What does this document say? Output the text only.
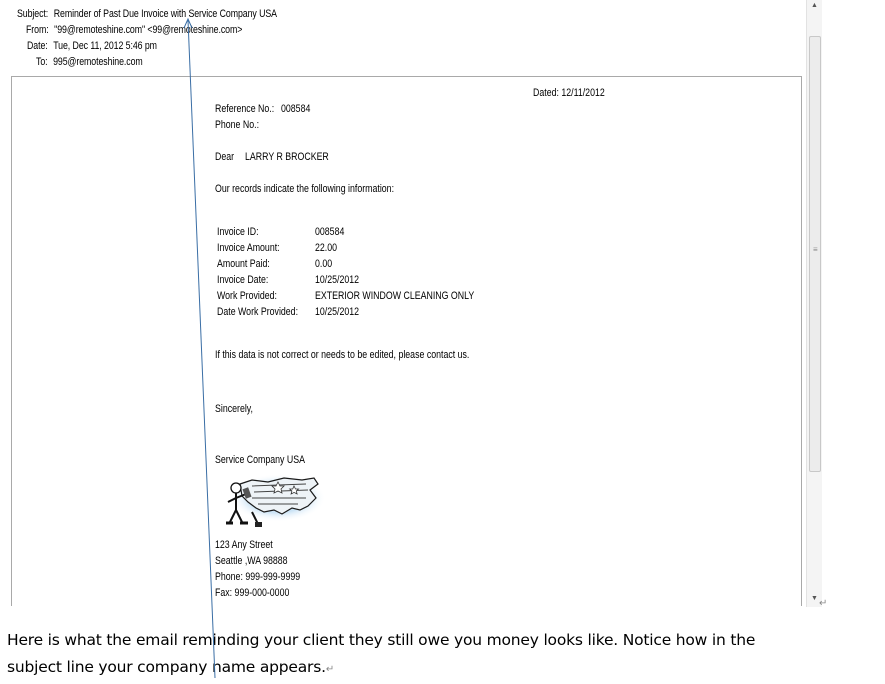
Subject: Reminder of Past Due Invoice with Service Company USA
From: "99@remoteshine.com" <99@remoteshine.com>
Date: Tue, Dec 11, 2012 5:46 pm
To: 995@remoteshine.com
Dated: 12/11/2012
Reference No.: 008584
Phone No.:
Dear LARRY R BROCKER
Our records indicate the following information:
Invoice ID:	008584
Invoice Amount:	22.00
Amount Paid:	0.00
Invoice Date:	10/25/2012
Work Provided:	EXTERIOR WINDOW CLEANING ONLY
Date Work Provided: 10/25/2012
If this data is not correct or needs to be edited, please contact us.
Sincerely,
Service Company USA
123 Any Street
Seattle ,WA 98888
Phone: 999-999-9999
Fax: 999-000-0000
▲
≡
▼ ↵
Here is what the email reminding your client they still owe you money looks like. Notice how in the
subject line your company name appears.↵
